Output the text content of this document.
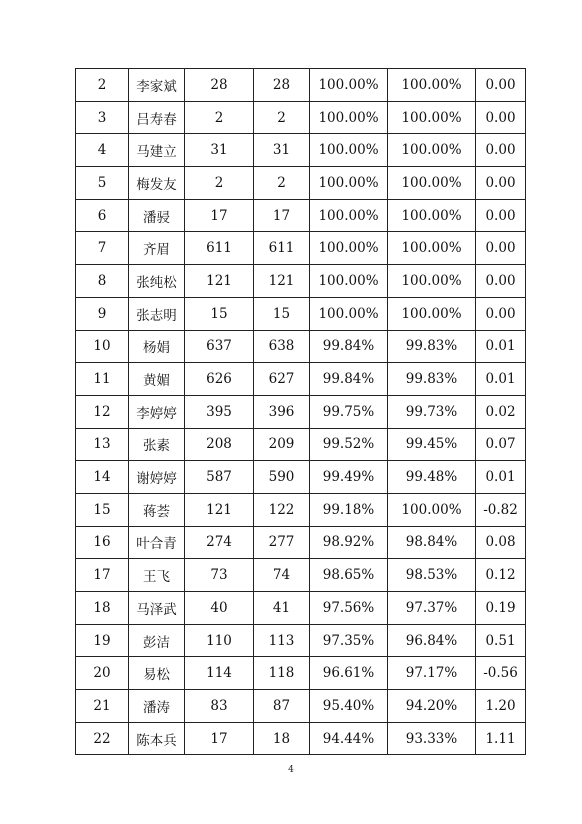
2	李家斌	28	28	100.00%	100.00%	0.00
3	吕寿春	2	2	100.00%	100.00%	0.00
4	马建立	31	31	100.00%	100.00%	0.00
5	梅发友	2	2	100.00%	100.00%	0.00
6	潘骎	17	17	100.00%	100.00%	0.00
7	齐眉	611	611	100.00%	100.00%	0.00
8	张纯松	121	121	100.00%	100.00%	0.00
9	张志明	15	15	100.00%	100.00%	0.00
10	杨娟	637	638	99.84%	99.83%	0.01
11	黄媚	626	627	99.84%	99.83%	0.01
12	李婷婷	395	396	99.75%	99.73%	0.02
13	张素	208	209	99.52%	99.45%	0.07
14	谢婷婷	587	590	99.49%	99.48%	0.01
15	蒋荟	121	122	99.18%	100.00%	-0.82
16	叶合青	274	277	98.92%	98.84%	0.08
17	王飞	73	74	98.65%	98.53%	0.12
18	马泽武	40	41	97.56%	97.37%	0.19
19	彭洁	110	113	97.35%	96.84%	0.51
20	易松	114	118	96.61%	97.17%	-0.56
21	潘涛	83	87	95.40%	94.20%	1.20
22	陈本兵	17	18	94.44%	93.33%	1.11
4
